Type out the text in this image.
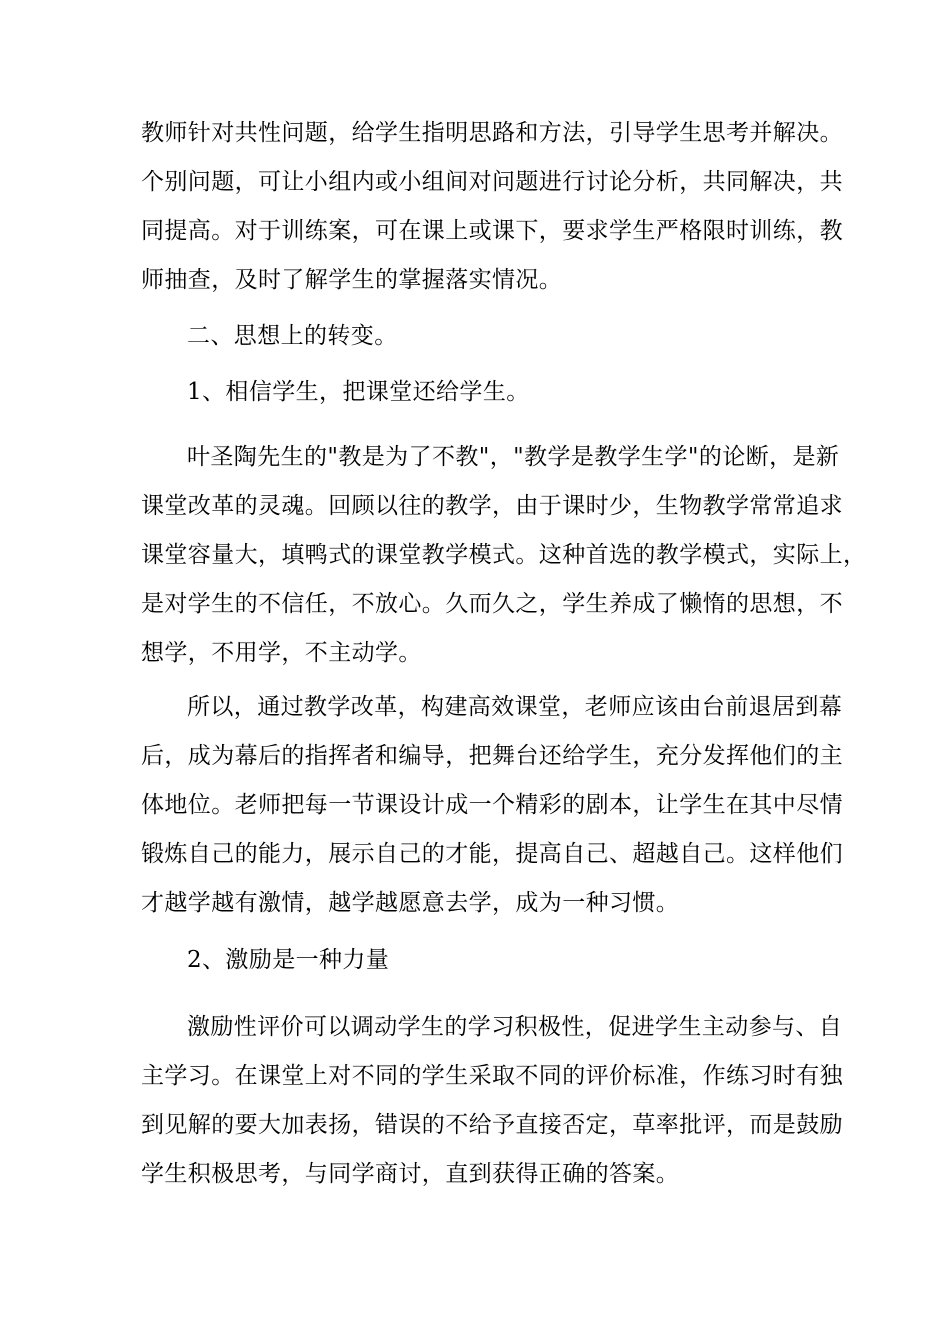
教师针对共性问题，给学生指明思路和方法，引导学生思考并解决。
个别问题，可让小组内或小组间对问题进行讨论分析，共同解决，共
同提高。对于训练案，可在课上或课下，要求学生严格限时训练，教
师抽查，及时了解学生的掌握落实情况。
二、思想上的转变。
1、相信学生，把课堂还给学生。
叶圣陶先生的"教是为了不教"，"教学是教学生学"的论断，是新
课堂改革的灵魂。回顾以往的教学，由于课时少，生物教学常常追求
课堂容量大，填鸭式的课堂教学模式。这种首选的教学模式，实际上，
是对学生的不信任，不放心。久而久之，学生养成了懒惰的思想，不
想学，不用学，不主动学。
所以，通过教学改革，构建高效课堂，老师应该由台前退居到幕
后，成为幕后的指挥者和编导，把舞台还给学生，充分发挥他们的主
体地位。老师把每一节课设计成一个精彩的剧本，让学生在其中尽情
锻炼自己的能力，展示自己的才能，提高自己、超越自己。这样他们
才越学越有激情，越学越愿意去学，成为一种习惯。
2、激励是一种力量
激励性评价可以调动学生的学习积极性，促进学生主动参与、自
主学习。在课堂上对不同的学生采取不同的评价标准，作练习时有独
到见解的要大加表扬，错误的不给予直接否定，草率批评，而是鼓励
学生积极思考，与同学商讨，直到获得正确的答案。
